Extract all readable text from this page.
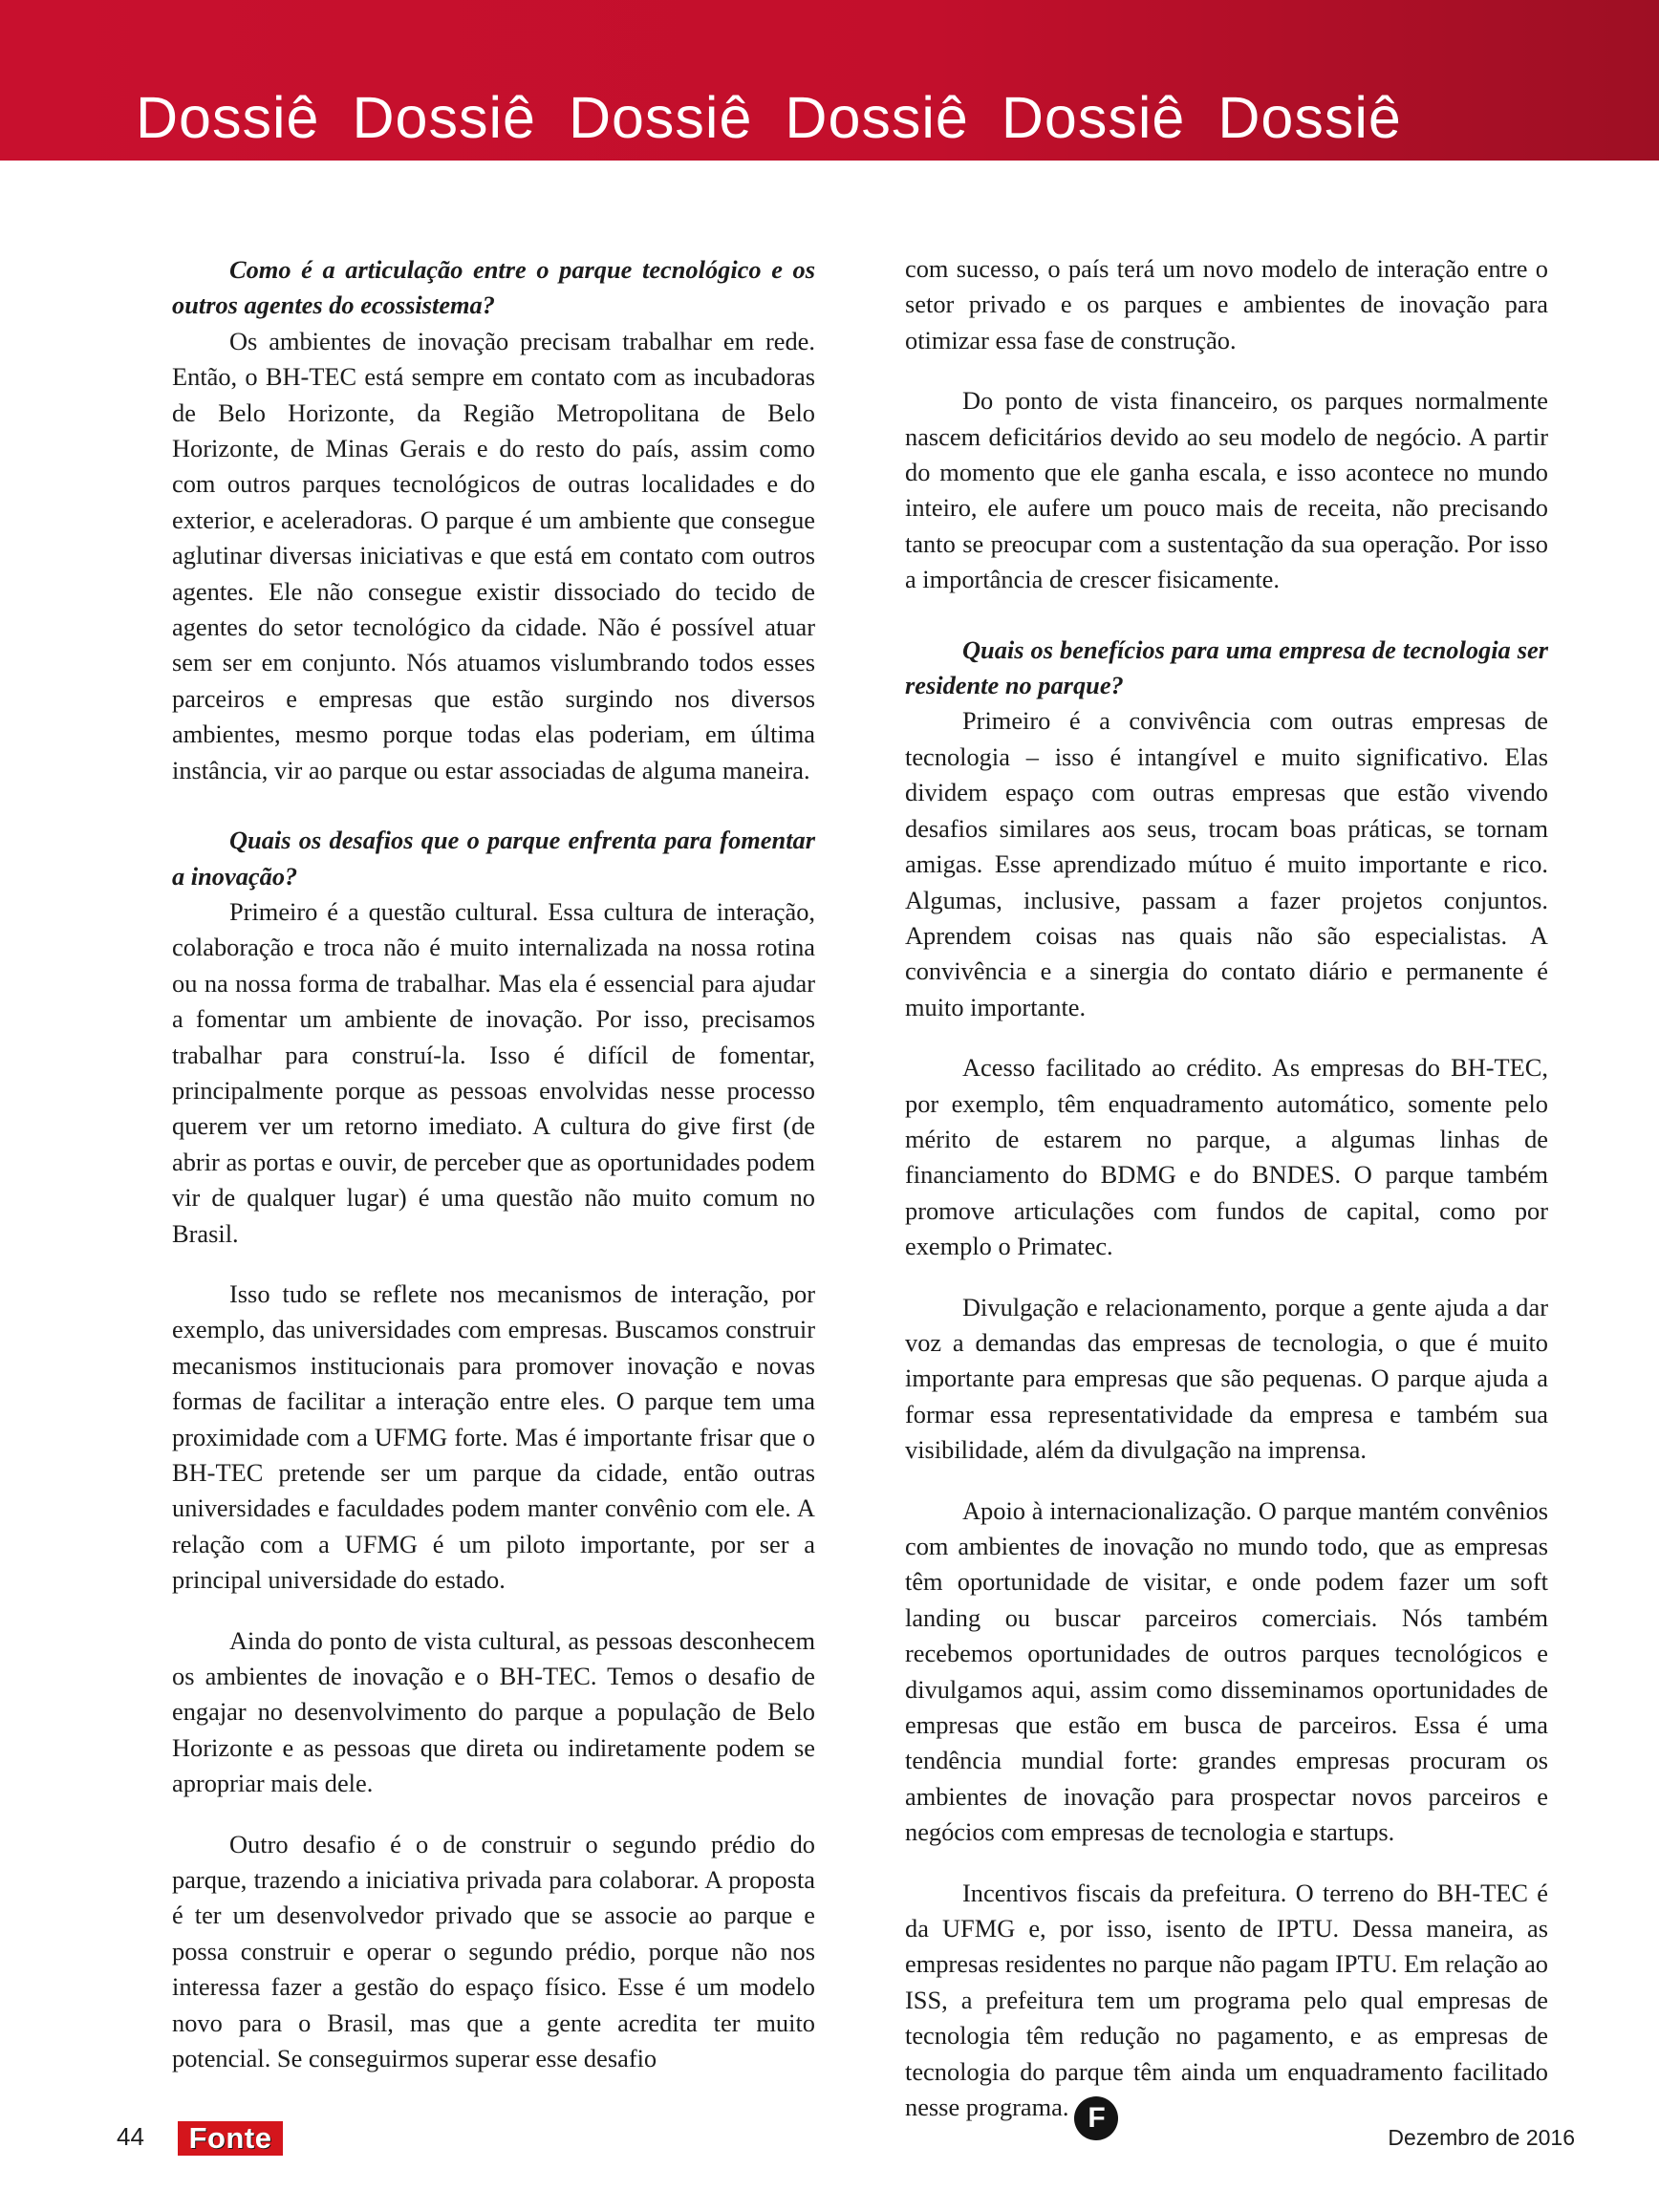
Dossiê Dossiê Dossiê Dossiê Dossiê Dossiê

Como é a articulação entre o parque tecnológico e os outros agentes do ecossistema?

Os ambientes de inovação precisam trabalhar em rede. Então, o BH-TEC está sempre em contato com as incubadoras de Belo Horizonte, da Região Metropolitana de Belo Horizonte, de Minas Gerais e do resto do país, assim como com outros parques tecnológicos de outras localidades e do exterior, e aceleradoras. O parque é um ambiente que consegue aglutinar diversas iniciativas e que está em contato com outros agentes. Ele não consegue existir dissociado do tecido de agentes do setor tecnológico da cidade. Não é possível atuar sem ser em conjunto. Nós atuamos vislumbrando todos esses parceiros e empresas que estão surgindo nos diversos ambientes, mesmo porque todas elas poderiam, em última instância, vir ao parque ou estar associadas de alguma maneira.

Quais os desafios que o parque enfrenta para fomentar a inovação?

Primeiro é a questão cultural. Essa cultura de interação, colaboração e troca não é muito internalizada na nossa rotina ou na nossa forma de trabalhar. Mas ela é essencial para ajudar a fomentar um ambiente de inovação. Por isso, precisamos trabalhar para construí-la. Isso é difícil de fomentar, principalmente porque as pessoas envolvidas nesse processo querem ver um retorno imediato. A cultura do give first (de abrir as portas e ouvir, de perceber que as oportunidades podem vir de qualquer lugar) é uma questão não muito comum no Brasil.

Isso tudo se reflete nos mecanismos de interação, por exemplo, das universidades com empresas. Buscamos construir mecanismos institucionais para promover inovação e novas formas de facilitar a interação entre eles. O parque tem uma proximidade com a UFMG forte. Mas é importante frisar que o BH-TEC pretende ser um parque da cidade, então outras universidades e faculdades podem manter convênio com ele. A relação com a UFMG é um piloto importante, por ser a principal universidade do estado.

Ainda do ponto de vista cultural, as pessoas desconhecem os ambientes de inovação e o BH-TEC. Temos o desafio de engajar no desenvolvimento do parque a população de Belo Horizonte e as pessoas que direta ou indiretamente podem se apropriar mais dele.

Outro desafio é o de construir o segundo prédio do parque, trazendo a iniciativa privada para colaborar. A proposta é ter um desenvolvedor privado que se associe ao parque e possa construir e operar o segundo prédio, porque não nos interessa fazer a gestão do espaço físico. Esse é um modelo novo para o Brasil, mas que a gente acredita ter muito potencial. Se conseguirmos superar esse desafio

com sucesso, o país terá um novo modelo de interação entre o setor privado e os parques e ambientes de inovação para otimizar essa fase de construção.

Do ponto de vista financeiro, os parques normalmente nascem deficitários devido ao seu modelo de negócio. A partir do momento que ele ganha escala, e isso acontece no mundo inteiro, ele aufere um pouco mais de receita, não precisando tanto se preocupar com a sustentação da sua operação. Por isso a importância de crescer fisicamente.

Quais os benefícios para uma empresa de tecnologia ser residente no parque?

Primeiro é a convivência com outras empresas de tecnologia – isso é intangível e muito significativo. Elas dividem espaço com outras empresas que estão vivendo desafios similares aos seus, trocam boas práticas, se tornam amigas. Esse aprendizado mútuo é muito importante e rico. Algumas, inclusive, passam a fazer projetos conjuntos. Aprendem coisas nas quais não são especialistas. A convivência e a sinergia do contato diário e permanente é muito importante.

Acesso facilitado ao crédito. As empresas do BH-TEC, por exemplo, têm enquadramento automático, somente pelo mérito de estarem no parque, a algumas linhas de financiamento do BDMG e do BNDES. O parque também promove articulações com fundos de capital, como por exemplo o Primatec.

Divulgação e relacionamento, porque a gente ajuda a dar voz a demandas das empresas de tecnologia, o que é muito importante para empresas que são pequenas. O parque ajuda a formar essa representatividade da empresa e também sua visibilidade, além da divulgação na imprensa.

Apoio à internacionalização. O parque mantém convênios com ambientes de inovação no mundo todo, que as empresas têm oportunidade de visitar, e onde podem fazer um soft landing ou buscar parceiros comerciais. Nós também recebemos oportunidades de outros parques tecnológicos e divulgamos aqui, assim como disseminamos oportunidades de empresas que estão em busca de parceiros. Essa é uma tendência mundial forte: grandes empresas procuram os ambientes de inovação para prospectar novos parceiros e negócios com empresas de tecnologia e startups.

Incentivos fiscais da prefeitura. O terreno do BH-TEC é da UFMG e, por isso, isento de IPTU. Dessa maneira, as empresas residentes no parque não pagam IPTU. Em relação ao ISS, a prefeitura tem um programa pelo qual empresas de tecnologia têm redução no pagamento, e as empresas de tecnologia do parque têm ainda um enquadramento facilitado nesse programa. F

44	Fonte	Dezembro de 2016
